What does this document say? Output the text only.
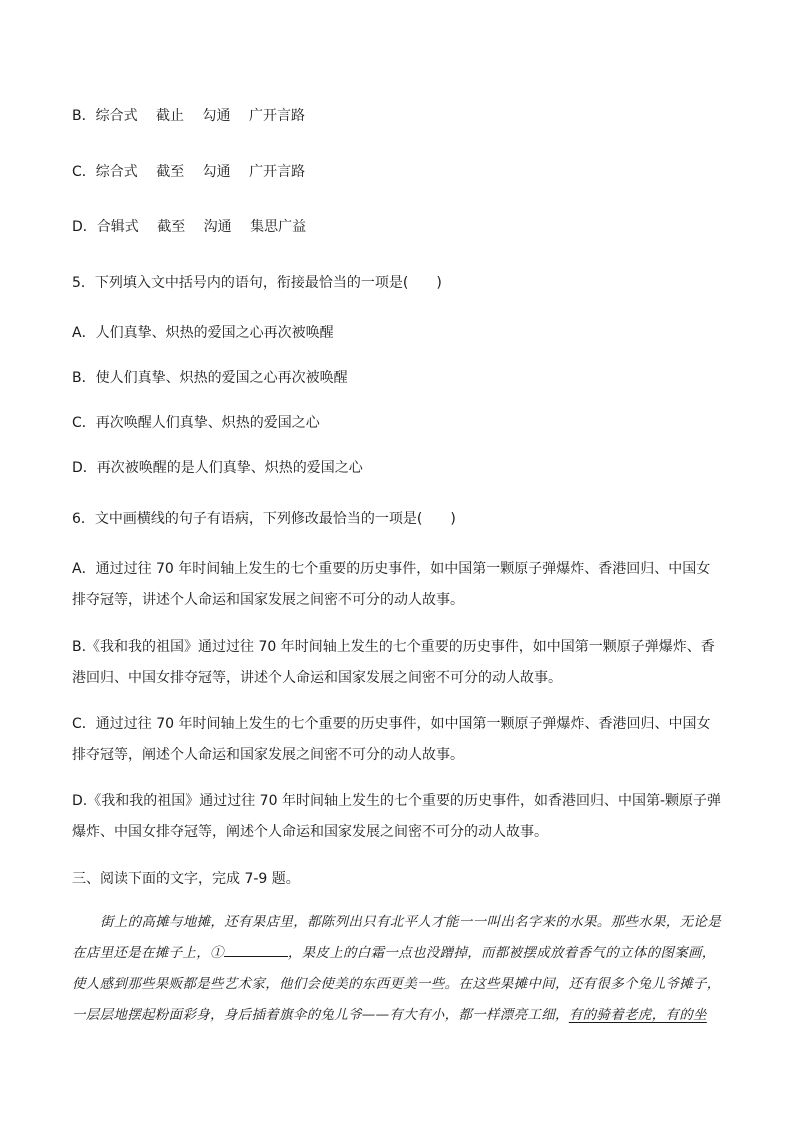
B．综合式　 截止　 勾通　 广开言路
C．综合式　 截至　 勾通　 广开言路
D．合辑式　 截至　 沟通　 集思广益
5．下列填入文中括号内的语句，衔接最恰当的一项是(　　)
A．人们真挚、炽热的爱国之心再次被唤醒
B．使人们真挚、炽热的爱国之心再次被唤醒
C．再次唤醒人们真挚、炽热的爱国之心
D．再次被唤醒的是人们真挚、炽热的爱国之心
6．文中画横线的句子有语病，下列修改最恰当的一项是(　　)
A．通过过往 70 年时间轴上发生的七个重要的历史事件，如中国第一颗原子弹爆炸、香港回归、中国女排夺冠等，讲述个人命运和国家发展之间密不可分的动人故事。
B.《我和我的祖国》通过过往 70 年时间轴上发生的七个重要的历史事件，如中国第一颗原子弹爆炸、香港回归、中国女排夺冠等，讲述个人命运和国家发展之间密不可分的动人故事。
C．通过过往 70 年时间轴上发生的七个重要的历史事件，如中国第一颗原子弹爆炸、香港回归、中国女排夺冠等，阐述个人命运和国家发展之间密不可分的动人故事。
D.《我和我的祖国》通过过往 70 年时间轴上发生的七个重要的历史事件，如香港回归、中国第-颗原子弹爆炸、中国女排夺冠等，阐述个人命运和国家发展之间密不可分的动人故事。
三、阅读下面的文字，完成 7-9 题。
街上的高摊与地摊，还有果店里，都陈列出只有北平人才能一一叫出名字来的水果。那些水果，无论是在店里还是在摊子上，①	，果皮上的白霜一点也没蹭掉，而都被摆成放着香气的立体的图案画，使人感到那些果贩都是些艺术家，他们会使美的东西更美一些。在这些果摊中间，还有很多个兔儿爷摊子，一层层地摆起粉面彩身，身后插着旗伞的兔儿爷——有大有小，都一样漂亮工细，有的骑着老虎，有的坐
